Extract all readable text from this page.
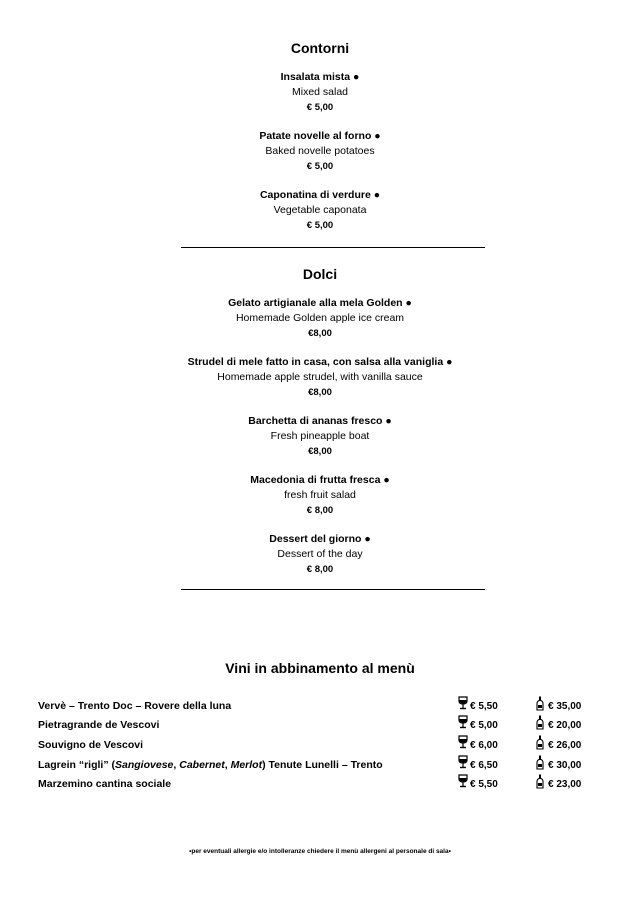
Contorni
Insalata mista ●
Mixed salad
€ 5,00
Patate novelle al forno ●
Baked novelle potatoes
€ 5,00
Caponatina di verdure ●
Vegetable caponata
€ 5,00
Dolci
Gelato artigianale alla mela Golden ●
Homemade Golden apple ice cream
€8,00
Strudel di mele fatto in casa, con salsa alla vaniglia ●
Homemade apple strudel, with vanilla sauce
€8,00
Barchetta di ananas fresco ●
Fresh pineapple boat
€8,00
Macedonia di frutta fresca ●
fresh fruit salad
€ 8,00
Dessert del giorno ●
Dessert of the day
€ 8,00
Vini in abbinamento al menù
Vervè – Trento Doc – Rovere della luna	€ 5,50	€ 35,00
Pietragrande de Vescovi	€ 5,00	€ 20,00
Souvigno de Vescovi	€ 6,00	€ 26,00
Lagrein “rigli” (Sangiovese, Cabernet, Merlot) Tenute Lunelli – Trento	€ 6,50	€ 30,00
Marzemino cantina sociale	€ 5,50	€ 23,00
•per eventuali allergie e/o intolleranze chiedere il menù allergeni al personale di sala•
